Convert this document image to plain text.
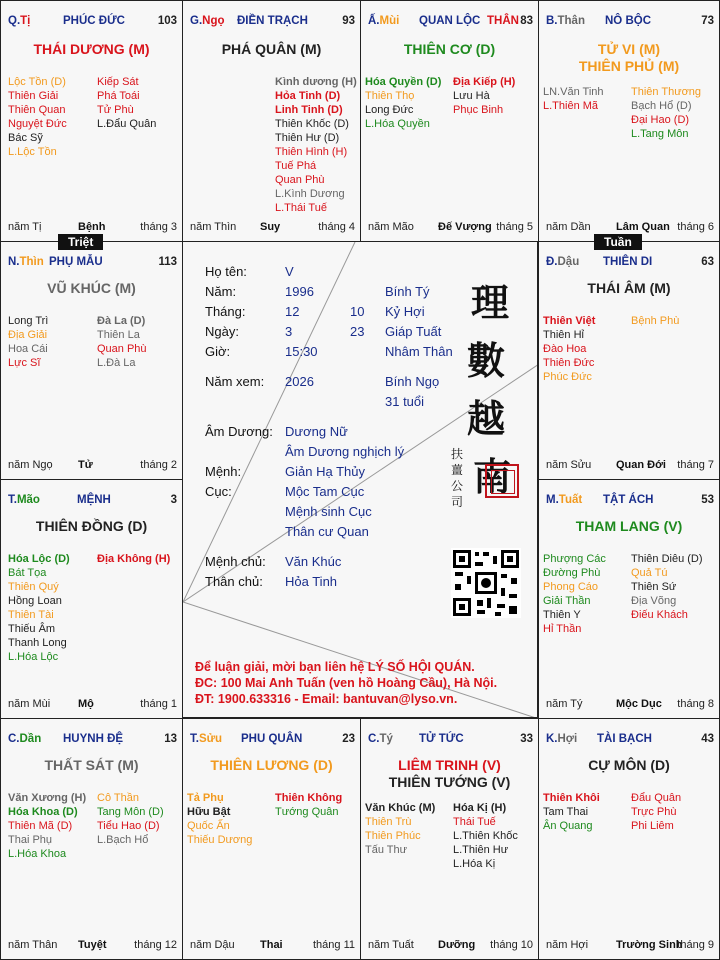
Q.Tị	PHÚC ĐỨC	103
THÁI DƯƠNG (M)
Lộc Tồn (D)
Thiên Giải
Thiên Quan
Nguyệt Đức
Bác Sỹ
L.Lộc Tồn
Kiếp Sát
Phá Toái
Tử Phù
L.Đẩu Quân
năm Tị	Bệnh	tháng 3
G.Ngọ ĐIỀN TRẠCH	93
PHÁ QUÂN (M)
Kình dương (H)
Hỏa Tinh (D)
Linh Tinh (D)
Thiên Khốc (D)
Thiên Hư (D)
Thiên Hình (H)
Tuế Phá
Quan Phù
L.Kình Dương
L.Thái Tuế
năm Thìn Suy	tháng 4
Ấ.Mùi QUAN LỘC THÂN 83
THIÊN CƠ (D)
Hóa Quyền (D)
Thiên Thọ
Long Đức
L.Hóa Quyền
Địa Kiếp (H)
Lưu Hà
Phục Binh
năm Mão Đế Vượng tháng 5
B.Thân NÔ BỘC	73
TỬ VI (M)
THIÊN PHỦ (M)
LN.Văn Tinh
L.Thiên Mã
Thiên Thương
Bạch Hổ (D)
Đại Hao (D)
L.Tang Môn
năm Dần Lâm Quan tháng 6
N.Thìn PHỤ MẪU	113
VŨ KHÚC (M)
Long Trì
Địa Giải
Hoa Cái
Lực Sĩ
Đà La (D)
Thiên La
Quan Phù
L.Đà La
năm Ngọ Tử	tháng 2
Đ.Dậu THIÊN DI	63
THÁI ÂM (M)
Thiên Việt
Thiên Hỉ
Đào Hoa
Thiên Đức
Phúc Đức
Bệnh Phù
năm Sửu Quan Đới tháng 7
T.Mão	MỆNH	3
THIÊN ĐỒNG (D)
Hóa Lộc (D)
Bát Tọa
Thiên Quý
Hồng Loan
Thiên Tài
Thiếu Âm
Thanh Long
L.Hóa Lộc
Địa Không (H)
năm Mùi	Mộ	tháng 1
M.Tuất TẬT ÁCH	53
THAM LANG (V)
Phượng Các
Đường Phù
Phong Cáo
Giải Thần
Thiên Y
Hỉ Thần
Thiên Diêu (D)
Quả Tú
Thiên Sứ
Địa Võng
Điếu Khách
năm Tý	Mộc Dục tháng 8
C.Dần HUYNH ĐỆ	13
THẤT SÁT (M)
Văn Xương (H)
Hóa Khoa (D)
Thiên Mã (D)
Thai Phụ
L.Hóa Khoa
Cô Thần
Tang Môn (D)
Tiểu Hao (D)
L.Bạch Hổ
năm Thân Tuyệt	tháng 12
T.Sửu PHU QUÂN	23
THIÊN LƯƠNG (D)
Tả Phụ
Hữu Bật
Quốc Ấn
Thiếu Dương
Thiên Không
Tướng Quân
năm Dậu Thai	tháng 11
C.Tý TỬ TỨC	33
LIÊM TRINH (V)
THIÊN TƯỚNG (V)
Văn Khúc (M)
Thiên Trù
Thiên Phúc
Tấu Thư
Hóa Kị (H)
Thái Tuế
L.Thiên Khốc
L.Thiên Hư
L.Hóa Kị
năm Tuất Dưỡng tháng 10
K.Hợi TÀI BẠCH	43
CỰ MÔN (D)
Thiên Khôi
Tam Thai
Ân Quang
Đẩu Quân
Trực Phù
Phi Liêm
năm Hợi	Trường Sinh
tháng 9
Họ tên:	V
Năm:	1996	Bính Tý
Tháng:	12	10 Kỷ Hợi
Ngày:	3	23 Giáp Tuất
Giờ:	15:30	Nhâm Thân
Năm xem: 2026	Bính Ngọ
31 tuổi
Âm Dương: Dương Nữ
Âm Dương nghịch lý
Mệnh:	Giản Hạ Thủy
Cục:	Mộc Tam Cục
Mệnh sinh Cục
Thân cư Quan
Mệnh chủ: Văn Khúc
Thân chủ: Hỏa Tinh
理
數
越
南
扶
薑
公
司
Để luận giải, mời bạn liên hệ LÝ SỐ HỘI QUÁN.
ĐC: 100 Mai Anh Tuấn (ven hồ Hoàng Cầu), Hà Nội.
ĐT: 1900.633316 - Email: bantuvan@lyso.vn.
Triệt	Tuần
